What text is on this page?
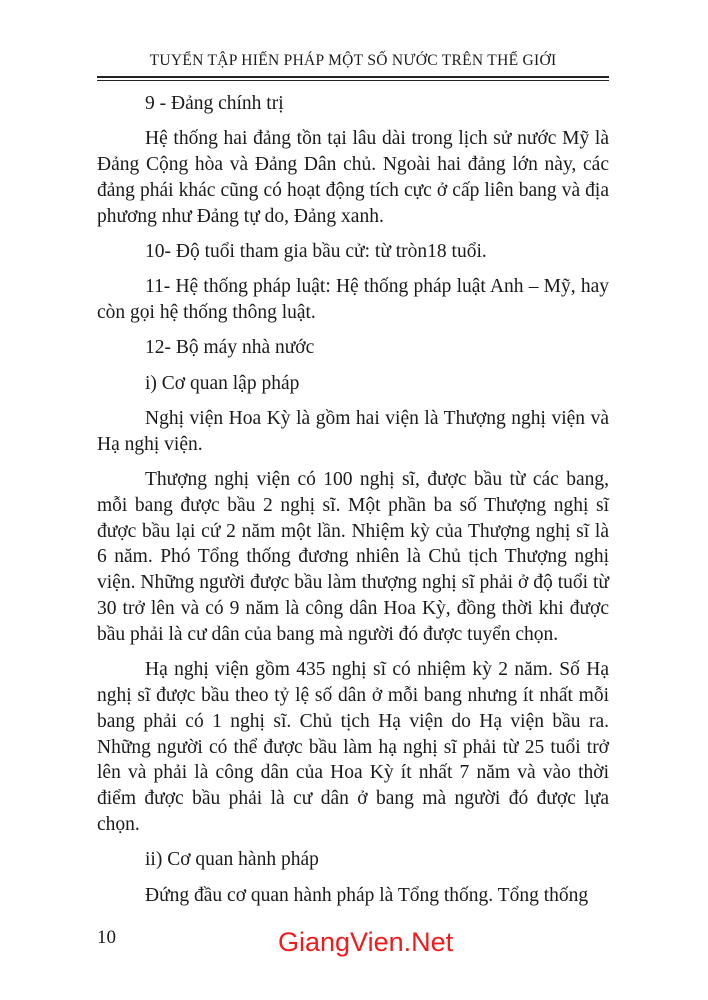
TUYỂN TẬP HIẾN PHÁP MỘT SỐ NƯỚC TRÊN THẾ GIỚI

9 - Đảng chính trị

Hệ thống hai đảng tồn tại lâu dài trong lịch sử nước Mỹ là Đảng Cộng hòa và Đảng Dân chủ. Ngoài hai đảng lớn này, các đảng phái khác cũng có hoạt động tích cực ở cấp liên bang và địa phương như Đảng tự do, Đảng xanh.

10- Độ tuổi tham gia bầu cử: từ tròn18 tuổi.

11- Hệ thống pháp luật: Hệ thống pháp luật Anh – Mỹ, hay còn gọi hệ thống thông luật.

12- Bộ máy nhà nước

i) Cơ quan lập pháp

Nghị viện Hoa Kỳ là gồm hai viện là Thượng nghị viện và Hạ nghị viện.

Thượng nghị viện có 100 nghị sĩ, được bầu từ các bang, mỗi bang được bầu 2 nghị sĩ. Một phần ba số Thượng nghị sĩ được bầu lại cứ 2 năm một lần. Nhiệm kỳ của Thượng nghị sĩ là 6 năm. Phó Tổng thống đương nhiên là Chủ tịch Thượng nghị viện. Những người được bầu làm thượng nghị sĩ phải ở độ tuổi từ 30 trở lên và có 9 năm là công dân Hoa Kỳ, đồng thời khi được bầu phải là cư dân của bang mà người đó được tuyển chọn.

Hạ nghị viện gồm 435 nghị sĩ có nhiệm kỳ 2 năm. Số Hạ nghị sĩ được bầu theo tỷ lệ số dân ở mỗi bang nhưng ít nhất mỗi bang phải có 1 nghị sĩ. Chủ tịch Hạ viện do Hạ viện bầu ra. Những người có thể được bầu làm hạ nghị sĩ phải từ 25 tuổi trở lên và phải là công dân của Hoa Kỳ ít nhất 7 năm và vào thời điểm được bầu phải là cư dân ở bang mà người đó được lựa chọn.

ii) Cơ quan hành pháp

Đứng đầu cơ quan hành pháp là Tổng thống. Tổng thống

10	GiangVien.Net
